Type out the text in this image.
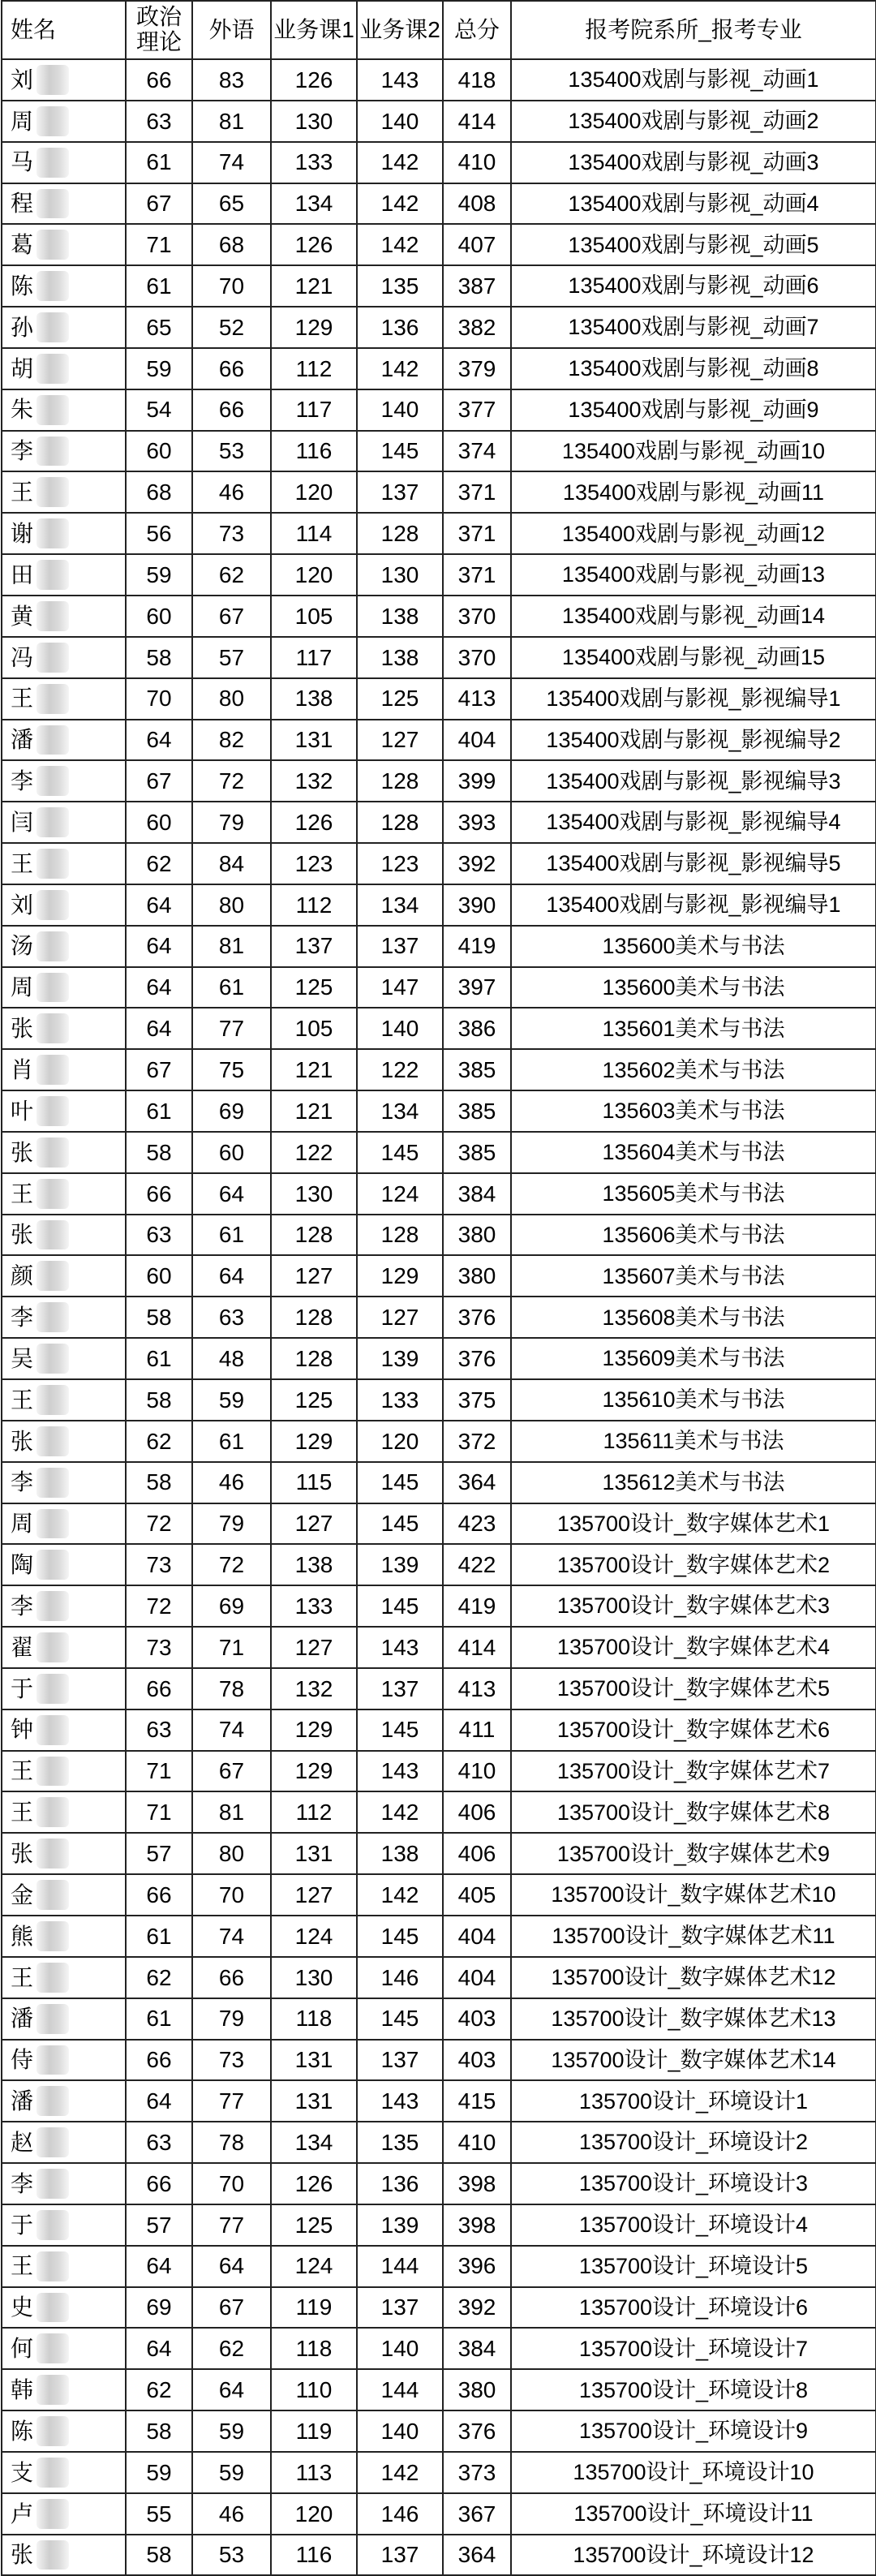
姓名	政治理论	外语	业务课1	业务课2	总分	报考院系所_报考专业
刘	66	83	126	143	418	135400戏剧与影视_动画1
周	63	81	130	140	414	135400戏剧与影视_动画2
马	61	74	133	142	410	135400戏剧与影视_动画3
程	67	65	134	142	408	135400戏剧与影视_动画4
葛	71	68	126	142	407	135400戏剧与影视_动画5
陈	61	70	121	135	387	135400戏剧与影视_动画6
孙	65	52	129	136	382	135400戏剧与影视_动画7
胡	59	66	112	142	379	135400戏剧与影视_动画8
朱	54	66	117	140	377	135400戏剧与影视_动画9
李	60	53	116	145	374	135400戏剧与影视_动画10
王	68	46	120	137	371	135400戏剧与影视_动画11
谢	56	73	114	128	371	135400戏剧与影视_动画12
田	59	62	120	130	371	135400戏剧与影视_动画13
黄	60	67	105	138	370	135400戏剧与影视_动画14
冯	58	57	117	138	370	135400戏剧与影视_动画15
王	70	80	138	125	413	135400戏剧与影视_影视编导1
潘	64	82	131	127	404	135400戏剧与影视_影视编导2
李	67	72	132	128	399	135400戏剧与影视_影视编导3
闫	60	79	126	128	393	135400戏剧与影视_影视编导4
王	62	84	123	123	392	135400戏剧与影视_影视编导5
刘	64	80	112	134	390	135400戏剧与影视_影视编导1
汤	64	81	137	137	419	135600美术与书法
周	64	61	125	147	397	135600美术与书法
张	64	77	105	140	386	135601美术与书法
肖	67	75	121	122	385	135602美术与书法
叶	61	69	121	134	385	135603美术与书法
张	58	60	122	145	385	135604美术与书法
王	66	64	130	124	384	135605美术与书法
张	63	61	128	128	380	135606美术与书法
颜	60	64	127	129	380	135607美术与书法
李	58	63	128	127	376	135608美术与书法
吴	61	48	128	139	376	135609美术与书法
王	58	59	125	133	375	135610美术与书法
张	62	61	129	120	372	135611美术与书法
李	58	46	115	145	364	135612美术与书法
周	72	79	127	145	423	135700设计_数字媒体艺术1
陶	73	72	138	139	422	135700设计_数字媒体艺术2
李	72	69	133	145	419	135700设计_数字媒体艺术3
翟	73	71	127	143	414	135700设计_数字媒体艺术4
于	66	78	132	137	413	135700设计_数字媒体艺术5
钟	63	74	129	145	411	135700设计_数字媒体艺术6
王	71	67	129	143	410	135700设计_数字媒体艺术7
王	71	81	112	142	406	135700设计_数字媒体艺术8
张	57	80	131	138	406	135700设计_数字媒体艺术9
金	66	70	127	142	405	135700设计_数字媒体艺术10
熊	61	74	124	145	404	135700设计_数字媒体艺术11
王	62	66	130	146	404	135700设计_数字媒体艺术12
潘	61	79	118	145	403	135700设计_数字媒体艺术13
侍	66	73	131	137	403	135700设计_数字媒体艺术14
潘	64	77	131	143	415	135700设计_环境设计1
赵	63	78	134	135	410	135700设计_环境设计2
李	66	70	126	136	398	135700设计_环境设计3
于	57	77	125	139	398	135700设计_环境设计4
王	64	64	124	144	396	135700设计_环境设计5
史	69	67	119	137	392	135700设计_环境设计6
何	64	62	118	140	384	135700设计_环境设计7
韩	62	64	110	144	380	135700设计_环境设计8
陈	58	59	119	140	376	135700设计_环境设计9
支	59	59	113	142	373	135700设计_环境设计10
卢	55	46	120	146	367	135700设计_环境设计11
张	58	53	116	137	364	135700设计_环境设计12
